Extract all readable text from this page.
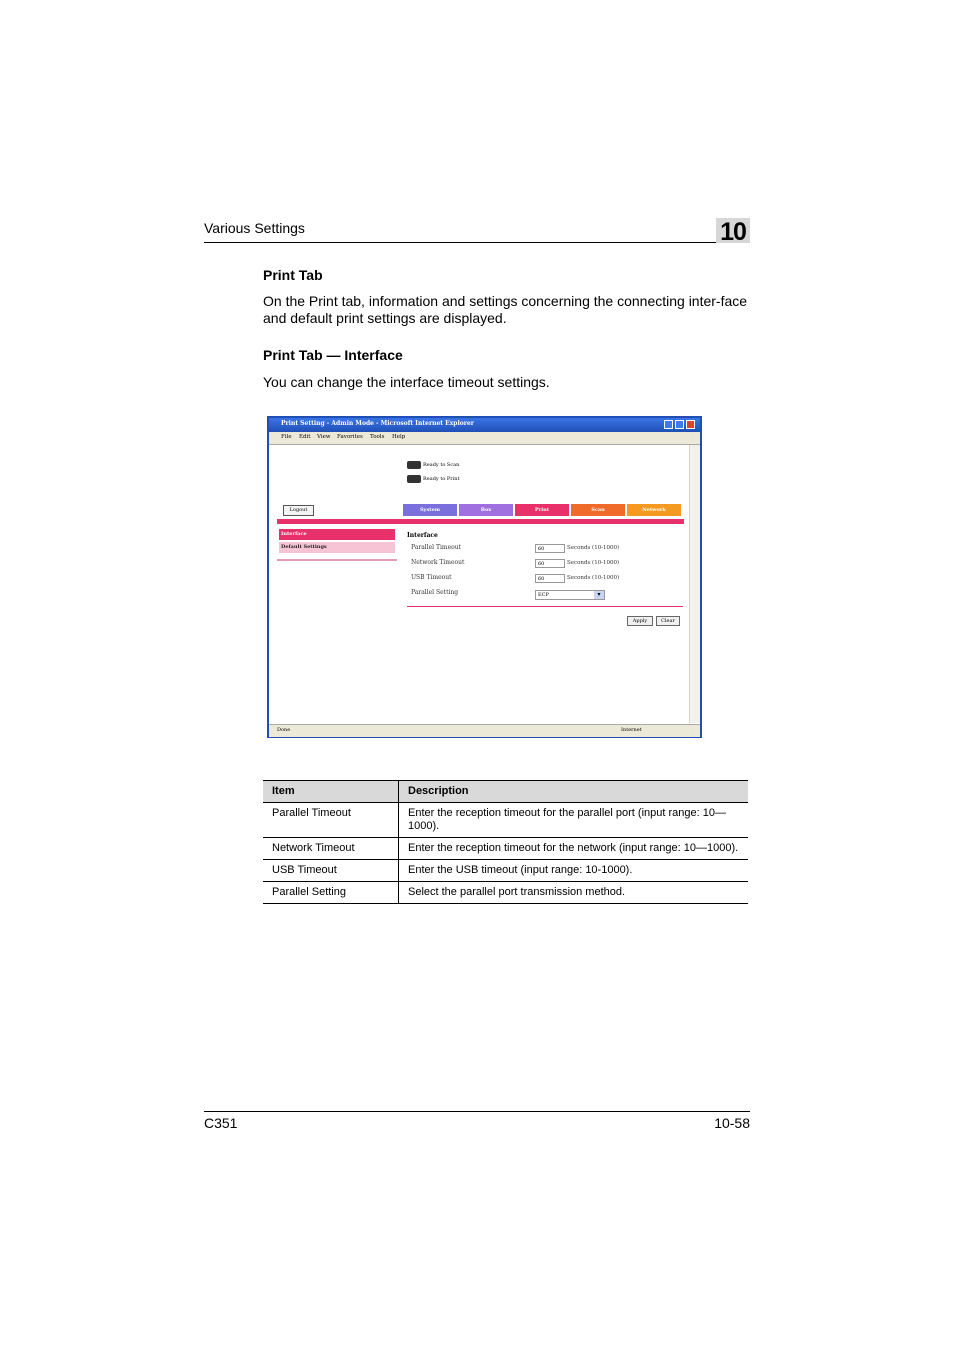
Various Settings	10
Print Tab
On the Print tab, information and settings concerning the connecting inter-face and default print settings are displayed.
Print Tab — Interface
You can change the interface timeout settings.
Print Setting - Admin Mode - Microsoft Internet Explorer
File Edit View Favorites Tools Help
Ready to Scan
Ready to Print
Logout	System	Box	Print	Scan	Network
Interface
Default Settings
Interface
Parallel Timeout	60	Seconds (10-1000)
Network Timeout	60	Seconds (10-1000)
USB Timeout	60	Seconds (10-1000)
Parallel Setting	ECP	▾
Apply	Clear
Done	Internet
Item	Description
Parallel Timeout	Enter the reception timeout for the parallel port (input range: 10—1000).
Network Timeout	Enter the reception timeout for the network (input range: 10—1000).
USB Timeout	Enter the USB timeout (input range: 10-1000).
Parallel Setting	Select the parallel port transmission method.
C351	10-58
